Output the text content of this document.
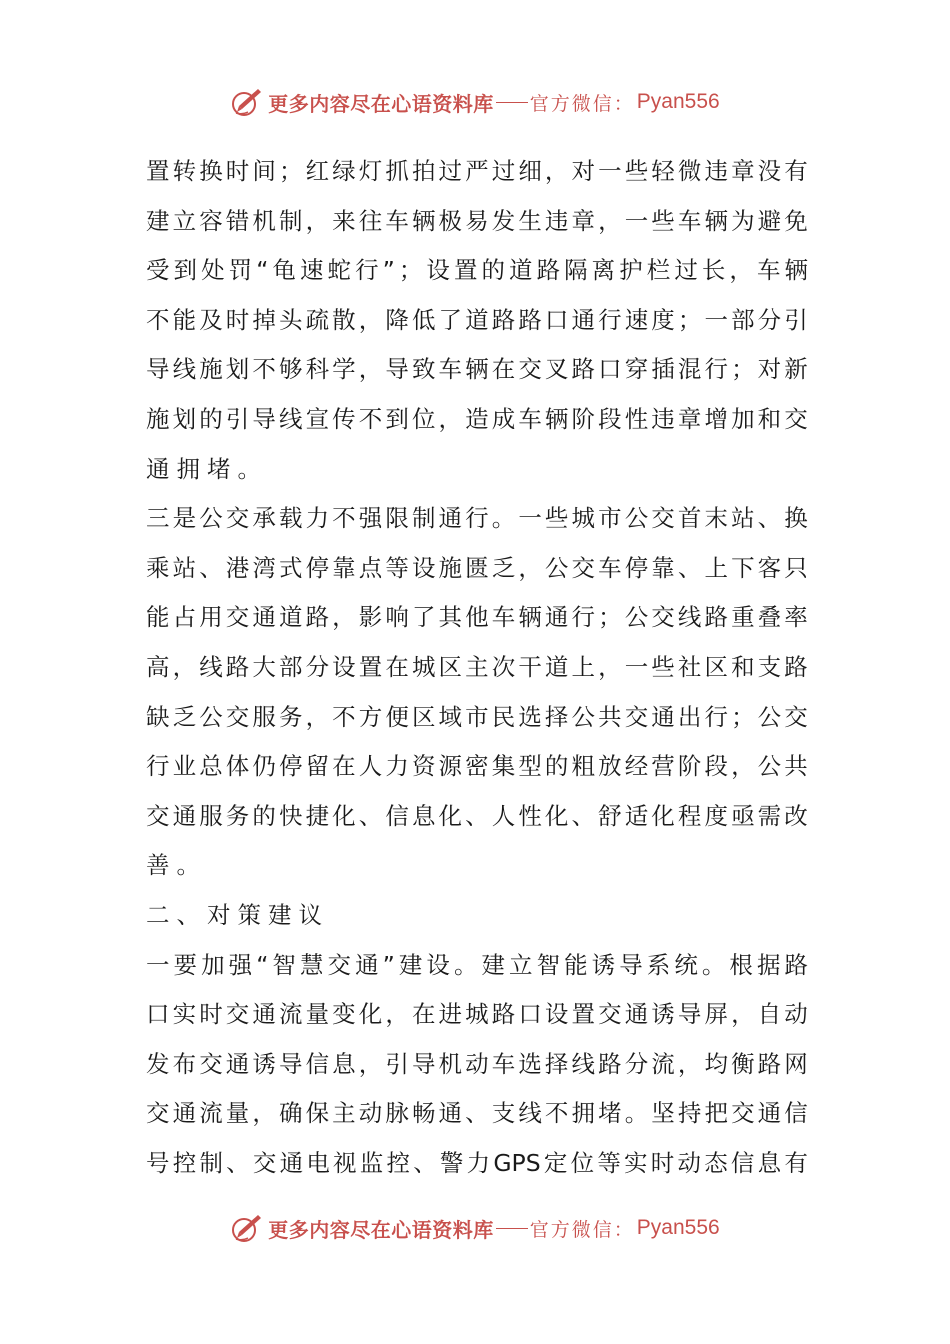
更多内容尽在心语资料库 官方微信： Pyan556
置 转 换 时 间 ； 红 绿 灯 抓 拍 过 严 过 细 ， 对 一 些 轻 微 违 章 没 有
建 立 容 错 机 制 ， 来 往 车 辆 极 易 发 生 违 章 ， 一 些 车 辆 为 避 免
受 到 处 罚 “ 龟 速 蛇 行 ” ； 设 置 的 道 路 隔 离 护 栏 过 长 ， 车 辆
不 能 及 时 掉 头 疏 散 ， 降 低 了 道 路 路 口 通 行 速 度 ； 一 部 分 引
导 线 施 划 不 够 科 学 ， 导 致 车 辆 在 交 叉 路 口 穿 插 混 行 ； 对 新
施 划 的 引 导 线 宣 传 不 到 位 ， 造 成 车 辆 阶 段 性 违 章 增 加 和 交
通拥堵。
三 是 公 交 承 载 力 不 强 限 制 通 行 。 一 些 城 市 公 交 首 末 站 、 换
乘 站 、 港 湾 式 停 靠 点 等 设 施 匮 乏 ， 公 交 车 停 靠 、 上 下 客 只
能 占 用 交 通 道 路 ， 影 响 了 其 他 车 辆 通 行 ； 公 交 线 路 重 叠 率
高 ， 线 路 大 部 分 设 置 在 城 区 主 次 干 道 上 ， 一 些 社 区 和 支 路
缺 乏 公 交 服 务 ， 不 方 便 区 域 市 民 选 择 公 共 交 通 出 行 ； 公 交
行 业 总 体 仍 停 留 在 人 力 资 源 密 集 型 的 粗 放 经 营 阶 段 ， 公 共
交 通 服 务 的 快 捷 化 、 信 息 化 、 人 性 化 、 舒 适 化 程 度 亟 需 改
善。
二、对策建议
一 要 加 强 “ 智 慧 交 通 ” 建 设 。 建 立 智 能 诱 导 系 统 。 根 据 路
口 实 时 交 通 流 量 变 化 ， 在 进 城 路 口 设 置 交 通 诱 导 屏 ， 自 动
发 布 交 通 诱 导 信 息 ， 引 导 机 动 车 选 择 线 路 分 流 ， 均 衡 路 网
交 通 流 量 ， 确 保 主 动 脉 畅 通 、 支 线 不 拥 堵 。 坚 持 把 交 通 信
号 控 制 、 交 通 电 视 监 控 、 警 力 GPS 定 位 等 实 时 动 态 信 息 有
更多内容尽在心语资料库 官方微信： Pyan556
